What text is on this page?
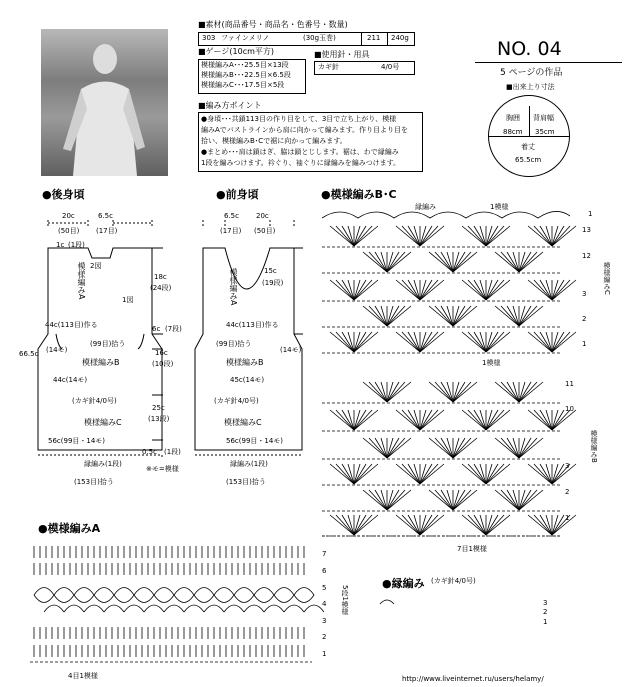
■素材(商品番号・商品名・色番号・数量)
303 ファインメリノ	(30g玉巻)	211 240g
■ゲージ(10cm平方)
模様編みA･･･25.5目×13段
模様編みB･･･22.5目×6.5段
模様編みC･･･17.5目×5段
■使用針・用具
カギ針	4/0号
NO. 04
5 ページの作品
■出来上り寸法
胸囲 背肩幅
88cm 35cm
着丈
65.5cm
■編み方ポイント
●身頃･･･共鎖113目の作り目をして、3目で立ち上がり、模様
編みAでバストラインから肩に向かって編みます。作り目より目を
拾い、模様編みB･Cで裾に向かって編みます。
●まとめ･･･肩は鎖はぎ、脇は鎖とじします。裾は、わで縁編み
1段を編みつけます。衿ぐり、袖ぐりに縁編みを編みつけます。
●後身頃
20c
(50目)
6.5c
(17目)
1c (1段)
2図
1図
模様編みA	18c
(24段)
6c (7段)
44c(113目)作る
(14モ)
(99目)拾う
16c
(10段)
66.5c
模様編みB
44c(14モ)
(カギ針4/0号)
25c
(13段)
模様編みC
56c(99目・14モ)
0.5c (1段)
縁編み(1段)
(153目)拾う
※モ=模様
●前身頃
6.5c
(17目)
20c
(50目)
15c
(19段)
模様編みA
44c(113目)作る
(99目)拾う
(14モ)
模様編みB
45c(14モ)
(カギ針4/0号)
模様編みC
56c(99目・14モ)
縁編み(1段)
(153目)拾う
●模様編みB･C
縁編み	1模様
1模様
模様編みC
模様編みB
1
13
12
3
2
1
11
10
3
2
1
7目1模様
●模様編みA
7
6
5
4
3
2
1
5段1模様
4目1模様
●縁編み (カギ針4/0号)
3
2
1
http://www.liveinternet.ru/users/helamy/
